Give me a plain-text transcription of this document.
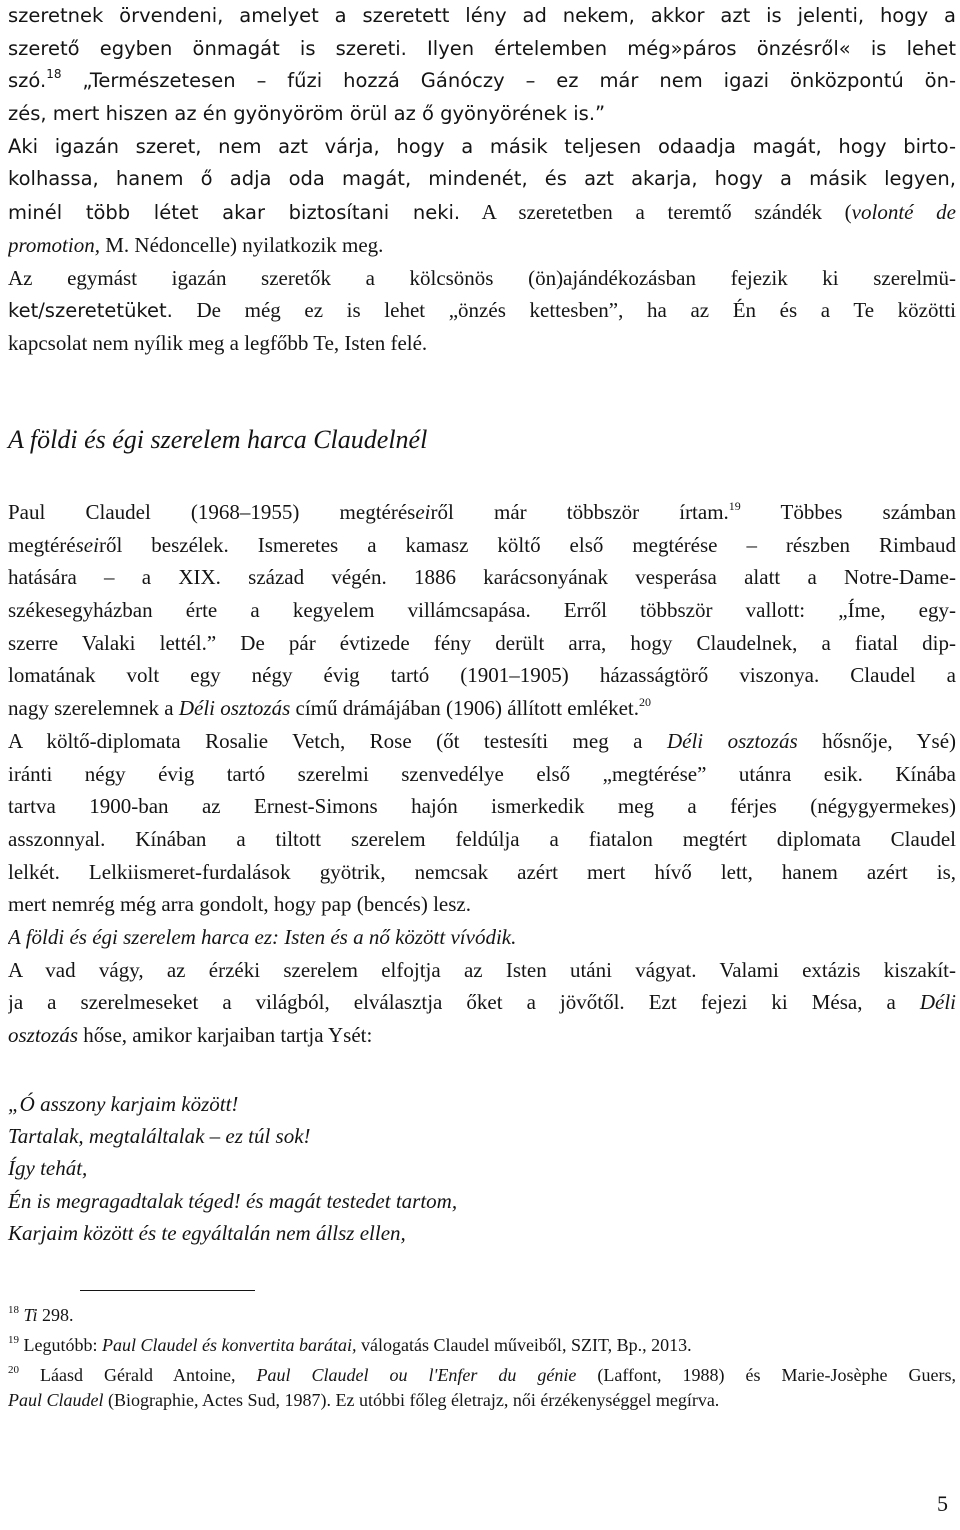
szeretnek örvendeni, amelyet a szeretett lény ad nekem, akkor azt is jelenti, hogy a
szerető egyben önmagát is szereti. Ilyen értelemben még»páros önzésről« is lehet
szó.$^{18}$ „Természetesen – fűzi hozzá Gánóczy – ez már nem igazi önközpontú ön-
zés, mert hiszen az én gyönyöröm örül az ő gyönyörének is.”
Aki igazán szeret, nem azt várja, hogy a másik teljesen odaadja magát, hogy birto-
kolhassa, hanem ő adja oda magát, mindenét, és azt akarja, hogy a másik legyen,
minél több létet akar biztosítani neki. A szeretetben a teremtő szándék (volonté de
promotion, M. Nédoncelle) nyilatkozik meg.
Az egymást igazán szeretők a kölcsönös (ön)ajándékozásban fejezik ki szerelmü-
ket/szeretetüket. De még ez is lehet „önzés kettesben”, ha az Én és a Te közötti
kapcsolat nem nyílik meg a legfőbb Te, Isten felé.
A földi és égi szerelem harca Claudelnél
Paul Claudel (1968–1955) megtéréseiről már többször írtam.$^{19}$ Többes számban
megtéréseiről beszélek. Ismeretes a kamasz költő első megtérése – részben Rimbaud
hatására – a XIX. század végén. 1886 karácsonyának vesperása alatt a Notre-Dame-
székesegyházban érte a kegyelem villámcsapása. Erről többször vallott: „Íme, egy-
szerre Valaki lettél.” De pár évtizede fény derült arra, hogy Claudelnek, a fiatal dip-
lomatának volt egy négy évig tartó (1901–1905) házasságtörő viszonya. Claudel a
nagy szerelemnek a Déli osztozás című drámájában (1906) állított emléket.$^{20}$
A költő-diplomata Rosalie Vetch, Rose (őt testesíti meg a Déli osztozás hősnője, Ysé)
iránti négy évig tartó szerelmi szenvedélye első „megtérése” utánra esik. Kínába
tartva 1900-ban az Ernest-Simons hajón ismerkedik meg a férjes (négygyermekes)
asszonnyal. Kínában a tiltott szerelem feldúlja a fiatalon megtért diplomata Claudel
lelkét. Lelkiismeret-furdalások gyötrik, nemcsak azért mert hívő lett, hanem azért is,
mert nemrég még arra gondolt, hogy pap (bencés) lesz.
A földi és égi szerelem harca ez: Isten és a nő között vívódik.
A vad vágy, az érzéki szerelem elfojtja az Isten utáni vágyat. Valami extázis kiszakít-
ja a szerelmeseket a világból, elválasztja őket a jövőtől. Ezt fejezi ki Mésa, a Déli
osztozás hőse, amikor karjaiban tartja Ysét:
„Ó asszony karjaim között!
Tartalak, megtaláltalak – ez túl sok!
Így tehát,
Én is megragadtalak téged! és magát testedet tartom,
Karjaim között és te egyáltalán nem állsz ellen,
$^{18}$ Ti 298.
$^{19}$ Legutóbb: Paul Claudel és konvertita barátai, válogatás Claudel műveiből, SZIT, Bp., 2013.
$^{20}$ Láasd Gérald Antoine, Paul Claudel ou l'Enfer du génie (Laffont, 1988) és Marie-Josèphe Guers,
Paul Claudel (Biographie, Actes Sud, 1987). Ez utóbbi főleg életrajz, női érzékenységgel megírva.
5
